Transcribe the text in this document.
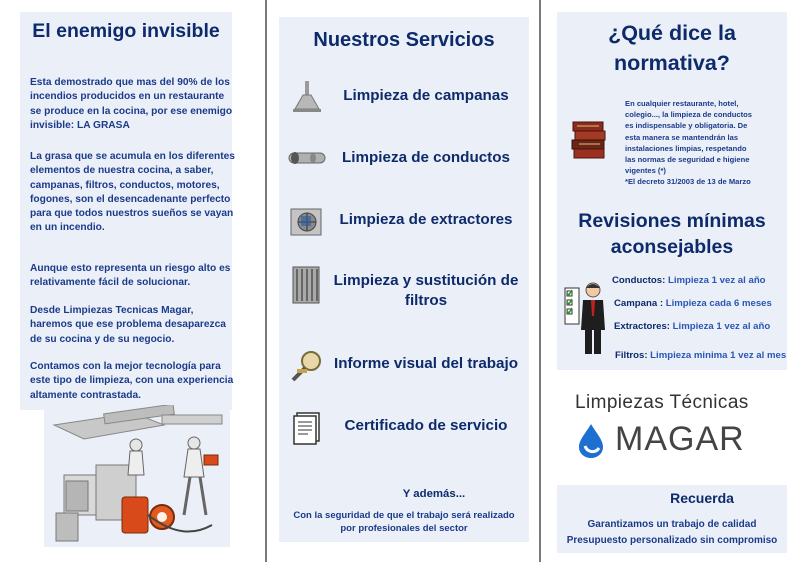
El enemigo invisible
Esta demostrado que mas del 90% de los incendios producidos en un restaurante se produce en la cocina, por ese enemigo invisible: LA GRASA
La grasa que se acumula en los diferentes elementos de nuestra cocina, a saber, campanas, filtros, conductos, motores, fogones, son el desencadenante perfecto para que todos nuestros sueños se vayan en un incendio.
Aunque esto representa un riesgo alto es relativamente fácil de solucionar.
Desde Limpiezas Tecnicas Magar, haremos que ese problema desaparezca de su cocina y de su negocio.
Contamos con la mejor tecnología para este tipo de limpieza, con una experiencia altamente contrastada.
Nuestros Servicios
Limpieza de campanas
Limpieza de conductos
Limpieza de extractores
Limpieza y sustitución de filtros
Informe visual del trabajo
Certificado de servicio
Y además...
Con la seguridad de que el trabajo será realizado
por profesionales del sector
¿Qué dice la
normativa?
En cualquier restaurante, hotel,
colegio..., la limpieza de conductos
es indispensable y obligatoria. De
esta manera se mantendrán las
instalaciones limpias, respetando
las normas de seguridad e higiene
vigentes (*)
*El decreto 31/2003 de 13 de Marzo
Revisiones mínimas
aconsejables
Conductos: Limpieza 1 vez al año
Campana : Limpieza cada 6 meses
Extractores: Limpieza 1 vez al año
Filtros: Limpieza minima 1 vez al mes
Limpiezas Técnicas
MAGAR
Recuerda
Garantizamos un trabajo de calidad
Presupuesto personalizado sin compromiso
